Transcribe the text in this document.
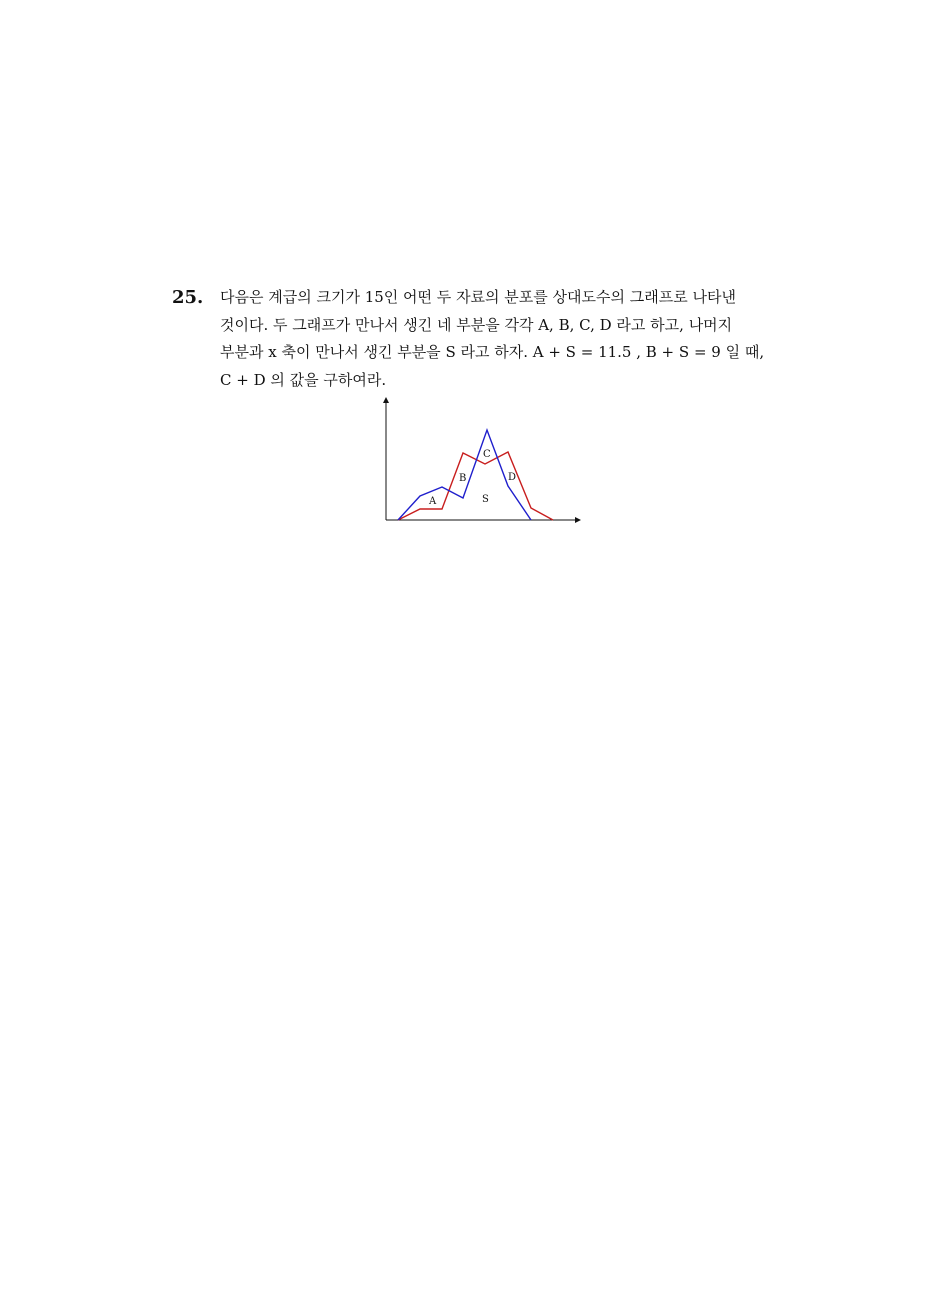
25. 다음은 계급의 크기가 15인 어떤 두 자료의 분포를 상대도수의 그래프로 나타낸
것이다. 두 그래프가 만나서 생긴 네 부분을 각각 A, B, C, D 라고 하고, 나머지
부분과 x 축이 만나서 생긴 부분을 S 라고 하자. A + S = 11.5 , B + S = 9 일 때,
C + D 의 값을 구하여라.
A
B
C
D
S
